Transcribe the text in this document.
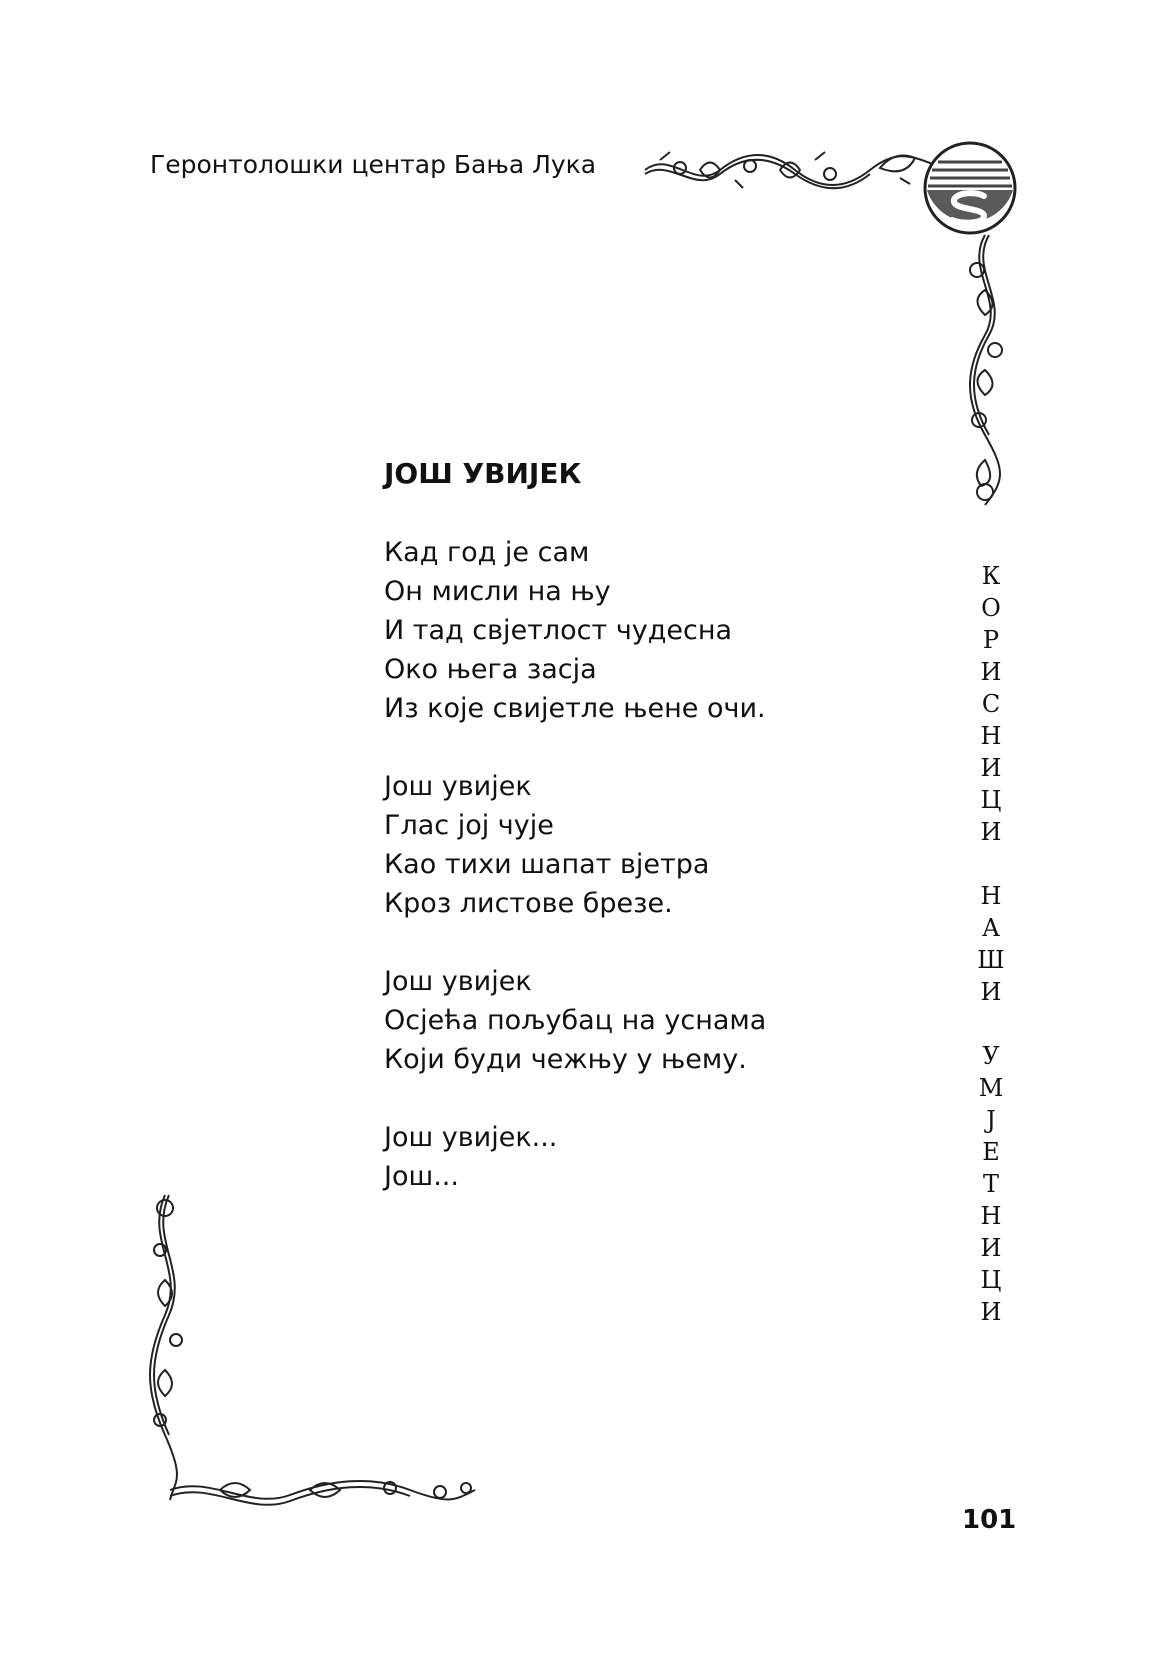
Геронтолошки центар Бања Лука
ЈОШ УВИЈЕК
Кад год је сам
Он мисли на њу
И тад свјетлост чудесна
Око њега засја
Из које свијетле њене очи.
Још увијек
Глас јој чује
Као тихи шапат вјетра
Кроз листове брезе.
Још увијек
Осјећа пољубац на уснама
Који буди чежњу у њему.
Још увијек...
Још...
К
О
Р
И
С
Н
И
Ц
И
Н
А
Ш
И
У
М
Ј
Е
Т
Н
И
Ц
И
101
